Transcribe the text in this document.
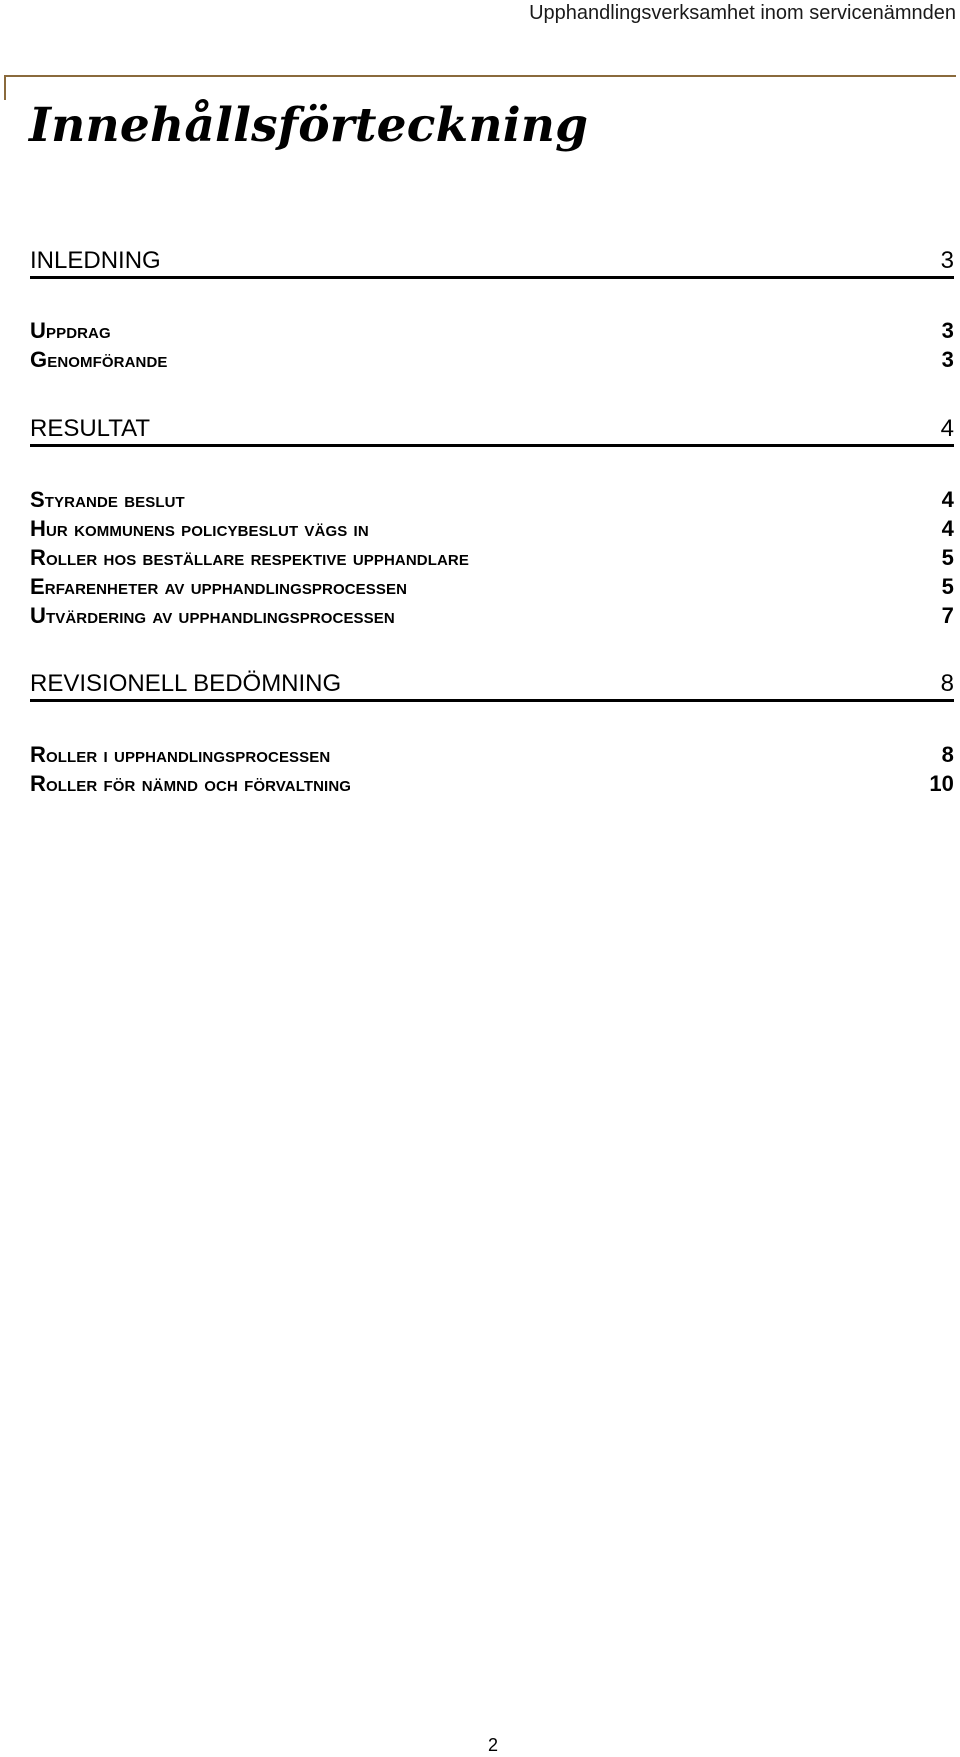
Upphandlingsverksamhet inom servicenämnden
Innehållsförteckning
INLEDNING	3
Uppdrag	3
Genomförande	3
RESULTAT	4
Styrande beslut	4
Hur kommunens policybeslut vägs in	4
Roller hos beställare respektive upphandlare	5
Erfarenheter av upphandlingsprocessen	5
Utvärdering av upphandlingsprocessen	7
REVISIONELL BEDÖMNING	8
Roller i upphandlingsprocessen	8
Roller för nämnd och förvaltning	10
2
